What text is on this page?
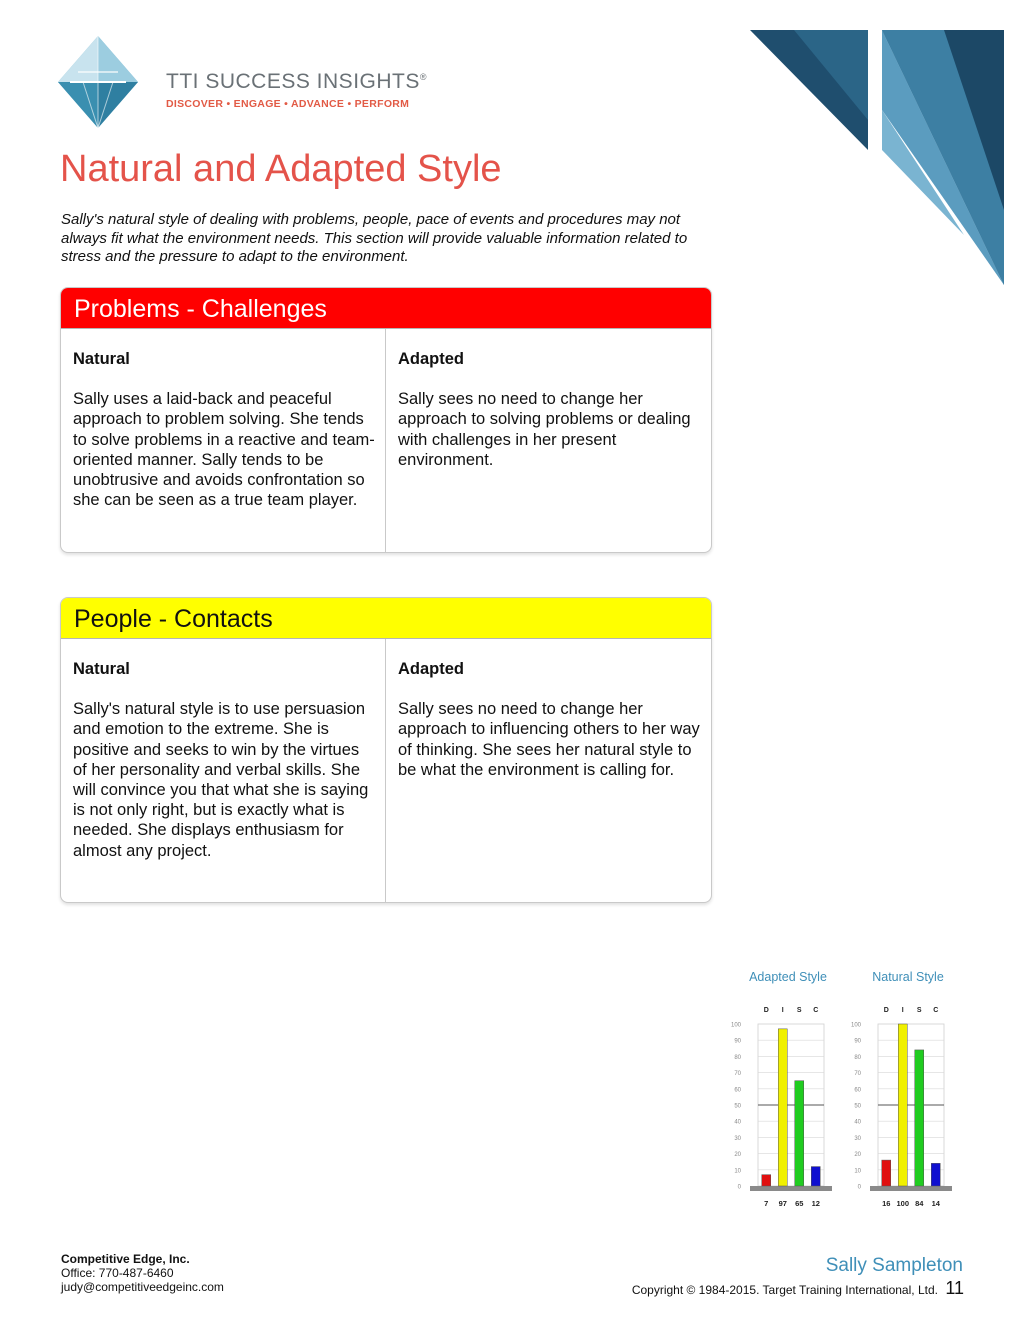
TTI SUCCESS INSIGHTS®
DISCOVER • ENGAGE • ADVANCE • PERFORM
Natural and Adapted Style
Sally's natural style of dealing with problems, people, pace of events and procedures may not always fit what the environment needs. This section will provide valuable information related to stress and the pressure to adapt to the environment.
Problems - Challenges
Natural
Sally uses a laid-back and peaceful approach to problem solving. She tends to solve problems in a reactive and team-oriented manner. Sally tends to be unobtrusive and avoids confrontation so she can be seen as a true team player.
Adapted
Sally sees no need to change her approach to solving problems or dealing with challenges in her present environment.
People - Contacts
Natural
Sally's natural style is to use persuasion and emotion to the extreme. She is positive and seeks to win by the virtues of her personality and verbal skills. She will convince you that what she is saying is not only right, but is exactly what is needed. She displays enthusiasm for almost any project.
Adapted
Sally sees no need to change her approach to influencing others to her way of thinking. She sees her natural style to be what the environment is calling for.
Adapted Style
0
10
20
30
40
50
60
70
80
90
100
D
7
I
97
S
65
C
12
Natural Style
0
10
20
30
40
50
60
70
80
90
100
D
16
I
100
S
84
C
14
Competitive Edge, Inc.
Office: 770-487-6460
judy@competitiveedgeinc.com
Sally Sampleton
Copyright © 1984-2015. Target Training International, Ltd. 11
